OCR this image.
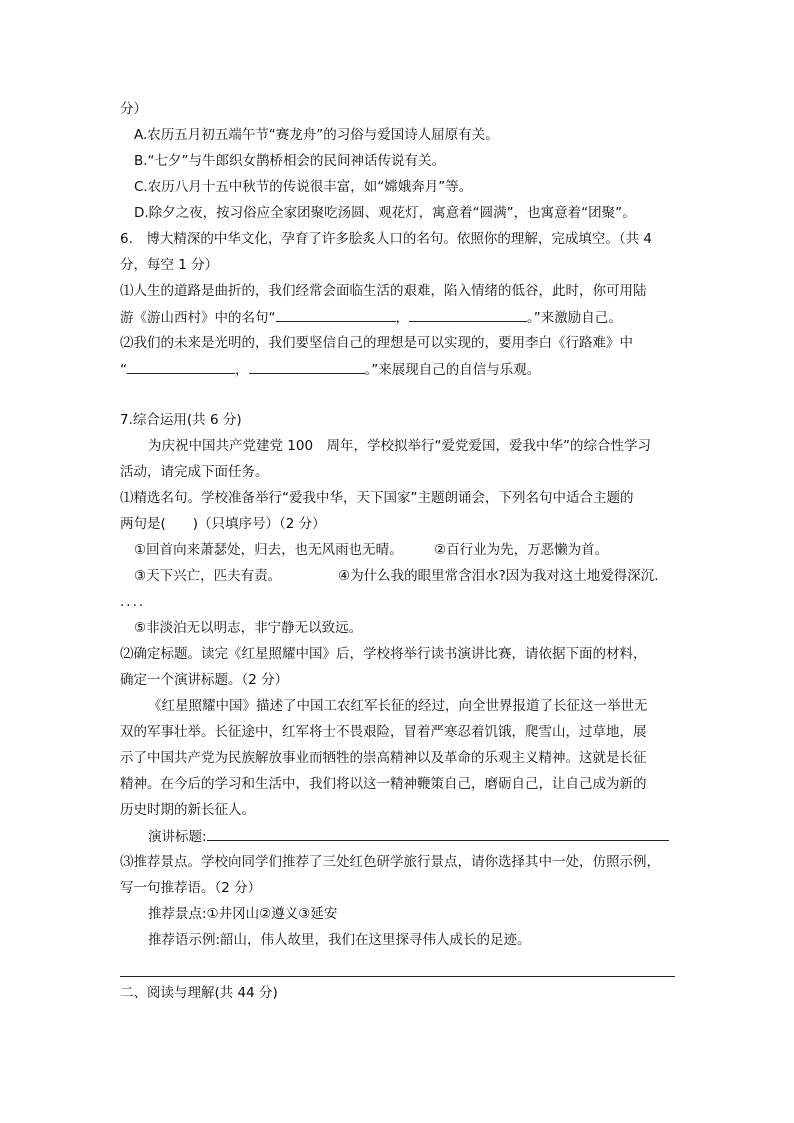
分）
A.农历五月初五端午节“赛龙舟”的习俗与爱国诗人屈原有关。
B.“七夕”与牛郎织女鹊桥相会的民间神话传说有关。
C.农历八月十五中秋节的传说很丰富，如“嫦娥奔月”等。
D.除夕之夜，按习俗应全家团聚吃汤圆、观花灯，寓意着“圆满”，也寓意着“团聚”。
6.　博大精深的中华文化，孕育了许多脍炙人口的名句。依照你的理解，完成填空。（共 4
分，每空 1 分）
⑴人生的道路是曲折的，我们经常会面临生活的艰难，陷入情绪的低谷，此时，你可用陆
游《游山西村》中的名句“	，	。”来激励自己。
⑵我们的未来是光明的，我们要坚信自己的理想是可以实现的，要用李白《行路难》中
“	，	。”来展现自己的自信与乐观。
7.综合运用(共 6 分)
为庆祝中国共产党建党 100　周年，学校拟举行“爱党爱国，爱我中华”的综合性学习
活动，请完成下面任务。
⑴精选名句。学校准备举行“爱我中华，天下国家”主题朗诵会，下列名句中适合主题的
两句是(　　)（只填序号）（2 分）
①回首向来萧瑟处，归去，也无风雨也无晴。 ②百行业为先，万恶懒为首。
③天下兴亡，匹夫有责。	④为什么我的眼里常含泪水?因为我对这土地爱得深沉.
....
⑤非淡泊无以明志，非宁静无以致远。
⑵确定标题。读完《红星照耀中国》后，学校将举行读书演讲比赛，请依据下面的材料，
确定一个演讲标题。（2 分）
《红星照耀中国》描述了中国工农红军长征的经过，向全世界报道了长征这一举世无
双的军事壮举。长征途中，红军将士不畏艰险，冒着严寒忍着饥饿，爬雪山，过草地，展
示了中国共产党为民族解放事业而牺牲的崇高精神以及革命的乐观主义精神。这就是长征
精神。在今后的学习和生活中，我们将以这一精神鞭策自己，磨砺自己，让自己成为新的
历史时期的新长征人。
演讲标题:
⑶推荐景点。学校向同学们推荐了三处红色研学旅行景点，请你选择其中一处，仿照示例，
写一句推荐语。（2 分）
推荐景点:①井冈山②遵义③延安
推荐语示例:韶山，伟人故里，我们在这里探寻伟人成长的足迹。
二、阅读与理解(共 44 分)
